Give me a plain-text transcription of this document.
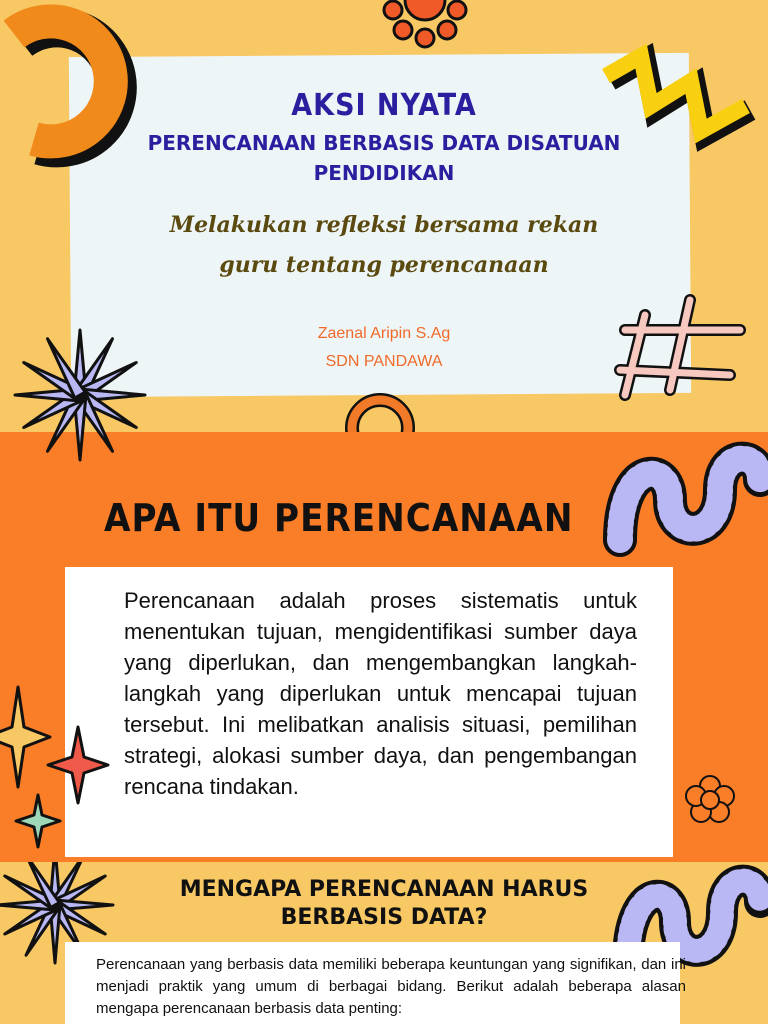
AKSI NYATA
PERENCANAAN BERBASIS DATA DISATUAN
PENDIDIKAN
Melakukan refleksi bersama rekan
guru tentang perencanaan
Zaenal Aripin S.Ag
SDN PANDAWA
APA ITU PERENCANAAN
Perencanaan adalah proses sistematis untuk menentukan tujuan, mengidentifikasi sumber daya yang diperlukan, dan mengembangkan langkah-langkah yang diperlukan untuk mencapai tujuan tersebut. Ini melibatkan analisis situasi, pemilihan strategi, alokasi sumber daya, dan pengembangan rencana tindakan.
MENGAPA PERENCANAAN HARUS
BERBASIS DATA?
Perencanaan yang berbasis data memiliki beberapa keuntungan yang signifikan, dan ini menjadi praktik yang umum di berbagai bidang. Berikut adalah beberapa alasan mengapa perencanaan berbasis data penting:
